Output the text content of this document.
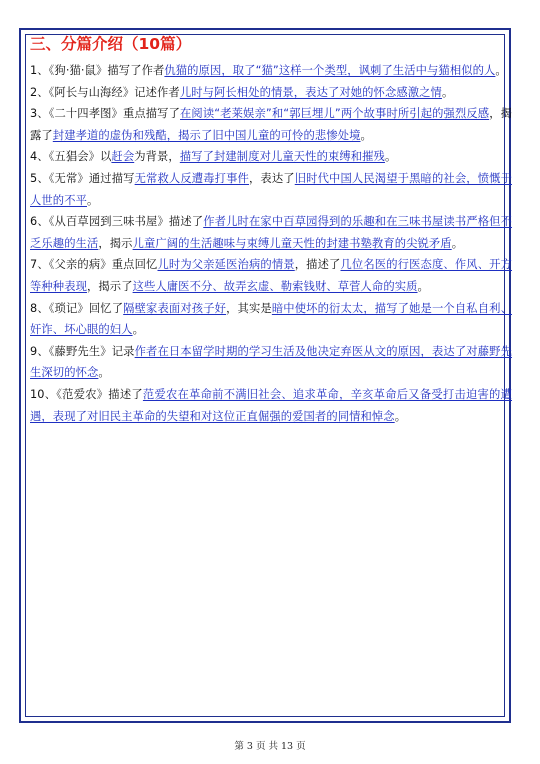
三、分篇介绍（10篇）

1、《狗·猫·鼠》描写了作者仇猫的原因，取了“猫”这样一个类型，讽刺了生活中与猫相似的人。

2、《阿长与山海经》记述作者儿时与阿长相处的情景，表达了对她的怀念感激之情。

3、《二十四孝图》重点描写了在阅读“老莱娱亲”和“郭巨埋儿”两个故事时所引起的强烈反感，揭露了封建孝道的虚伪和残酷，揭示了旧中国儿童的可怜的悲惨处境。

4、《五猖会》以赶会为背景，描写了封建制度对儿童天性的束缚和摧残。

5、《无常》通过描写无常救人反遭毒打事件，表达了旧时代中国人民渴望于黑暗的社会，愤慨于人世的不平。

6、《从百草园到三味书屋》描述了作者儿时在家中百草园得到的乐趣和在三味书屋读书严格但不乏乐趣的生活，揭示儿童广阔的生活趣味与束缚儿童天性的封建书塾教育的尖锐矛盾。

7、《父亲的病》重点回忆儿时为父亲延医治病的情景，描述了几位名医的行医态度、作风、开方等种种表现，揭示了这些人庸医不分、故弄玄虚、勒索钱财、草菅人命的实质。

8、《琐记》回忆了隔壁家表面对孩子好，其实是暗中使坏的衍太太，描写了她是一个自私自利、奸诈、坏心眼的妇人。

9、《藤野先生》记录作者在日本留学时期的学习生活及他决定弃医从文的原因，表达了对藤野先生深切的怀念。

10、《范爱农》描述了范爱农在革命前不满旧社会、追求革命，辛亥革命后又备受打击迫害的遭遇，表现了对旧民主革命的失望和对这位正直倔强的爱国者的同情和悼念。

第 3 页 共 13 页
